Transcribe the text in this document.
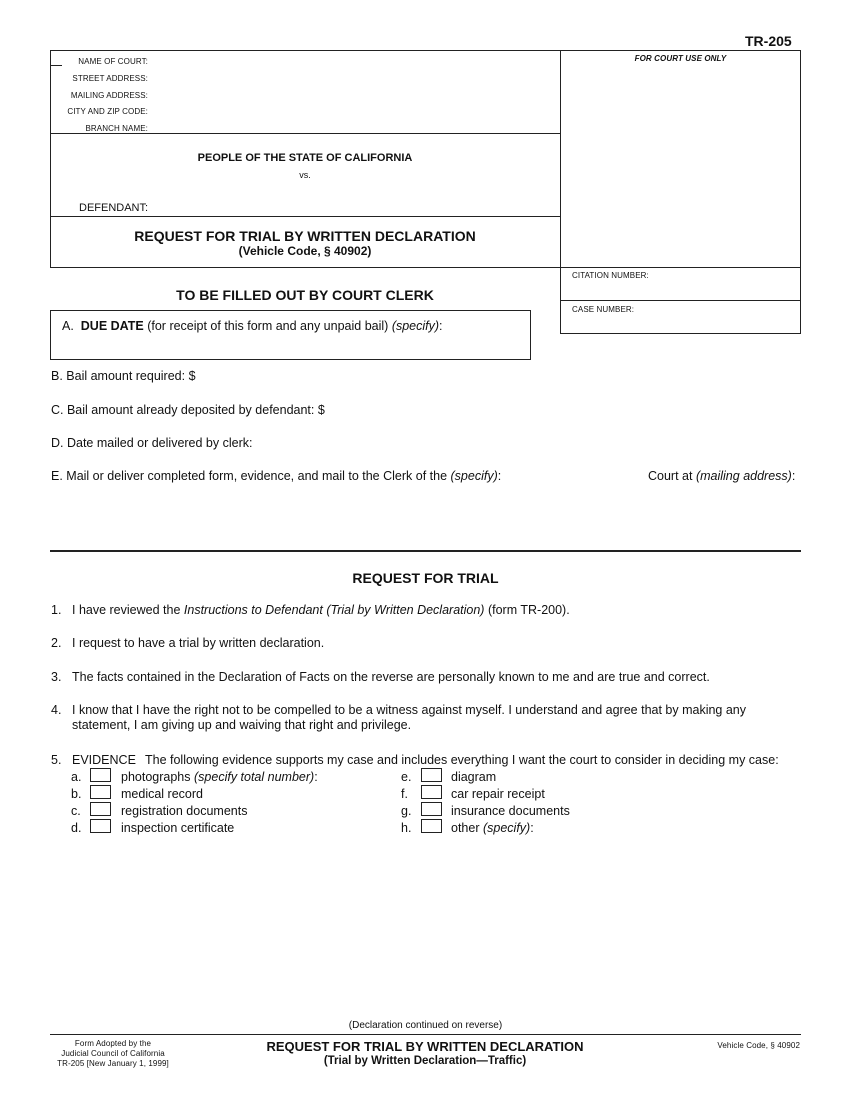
TR-205
NAME OF COURT:
STREET ADDRESS:
MAILING ADDRESS:
CITY AND ZIP CODE:
BRANCH NAME:
FOR COURT USE ONLY
PEOPLE OF THE STATE OF CALIFORNIA
vs.
DEFENDANT:
REQUEST FOR TRIAL BY WRITTEN DECLARATION
(Vehicle Code, § 40902)
CITATION NUMBER:
CASE NUMBER:
TO BE FILLED OUT BY COURT CLERK
A. DUE DATE (for receipt of this form and any unpaid bail) (specify):
B. Bail amount required: $
C. Bail amount already deposited by defendant: $
D. Date mailed or delivered by clerk:
E. Mail or deliver completed form, evidence, and mail to the Clerk of the (specify):	Court at (mailing address):
REQUEST FOR TRIAL
1. I have reviewed the Instructions to Defendant (Trial by Written Declaration) (form TR-200).
2. I request to have a trial by written declaration.
3. The facts contained in the Declaration of Facts on the reverse are personally known to me and are true and correct.
4. I know that I have the right not to be compelled to be a witness against myself. I understand and agree that by making any
statement, I am giving up and waiving that right and privilege.
5. EVIDENCE The following evidence supports my case and includes everything I want the court to consider in deciding my case:
a.	photographs (specify total number):
b.	medical record
c.	registration documents
d.	inspection certificate
e.	diagram
f.	car repair receipt
g.	insurance documents
h.	other (specify):
(Declaration continued on reverse)
Form Adopted by the
Judicial Council of California
TR-205 [New January 1, 1999]
REQUEST FOR TRIAL BY WRITTEN DECLARATION
(Trial by Written Declaration—Traffic)
Vehicle Code, § 40902
